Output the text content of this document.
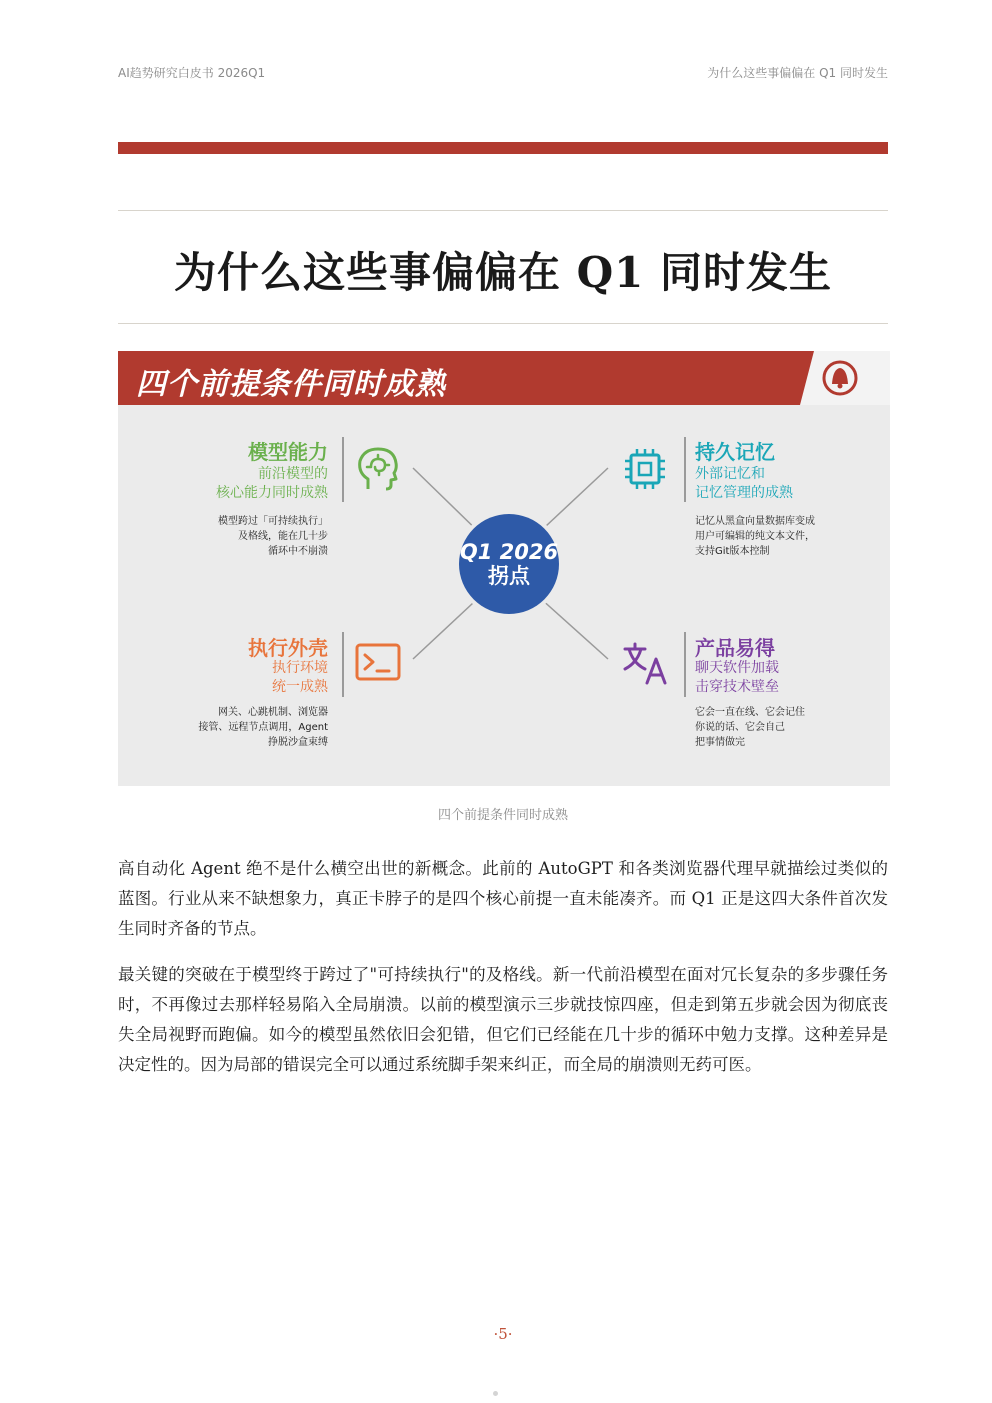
AI趋势研究白皮书 2026Q1	为什么这些事偏偏在 Q1 同时发生
为什么这些事偏偏在 Q1 同时发生
四个前提条件同时成熟
Q1 2026
拐点
模型能力
前沿模型的
核心能力同时成熟
模型跨过「可持续执行」
及格线，能在几十步
循环中不崩溃
持久记忆
外部记忆和
记忆管理的成熟
记忆从黑盒向量数据库变成
用户可编辑的纯文本文件，
支持Git版本控制
执行外壳
执行环境
统一成熟
网关、心跳机制、浏览器
接管、远程节点调用，Agent
挣脱沙盒束缚
产品易得
聊天软件加载
击穿技术壁垒
它会一直在线、它会记住
你说的话、它会自己
把事情做完
四个前提条件同时成熟

高自动化 Agent 绝不是什么横空出世的新概念。此前的 AutoGPT 和各类浏览器代理早就描绘过类似的蓝图。行业从来不缺想象力，真正卡脖子的是四个核心前提一直未能凑齐。而 Q1 正是这四大条件首次发生同时齐备的节点。

最关键的突破在于模型终于跨过了"可持续执行"的及格线。新一代前沿模型在面对冗长复杂的多步骤任务时，不再像过去那样轻易陷入全局崩溃。以前的模型演示三步就技惊四座，但走到第五步就会因为彻底丧失全局视野而跑偏。如今的模型虽然依旧会犯错，但它们已经能在几十步的循环中勉力支撑。这种差异是决定性的。因为局部的错误完全可以通过系统脚手架来纠正，而全局的崩溃则无药可医。

·5·
